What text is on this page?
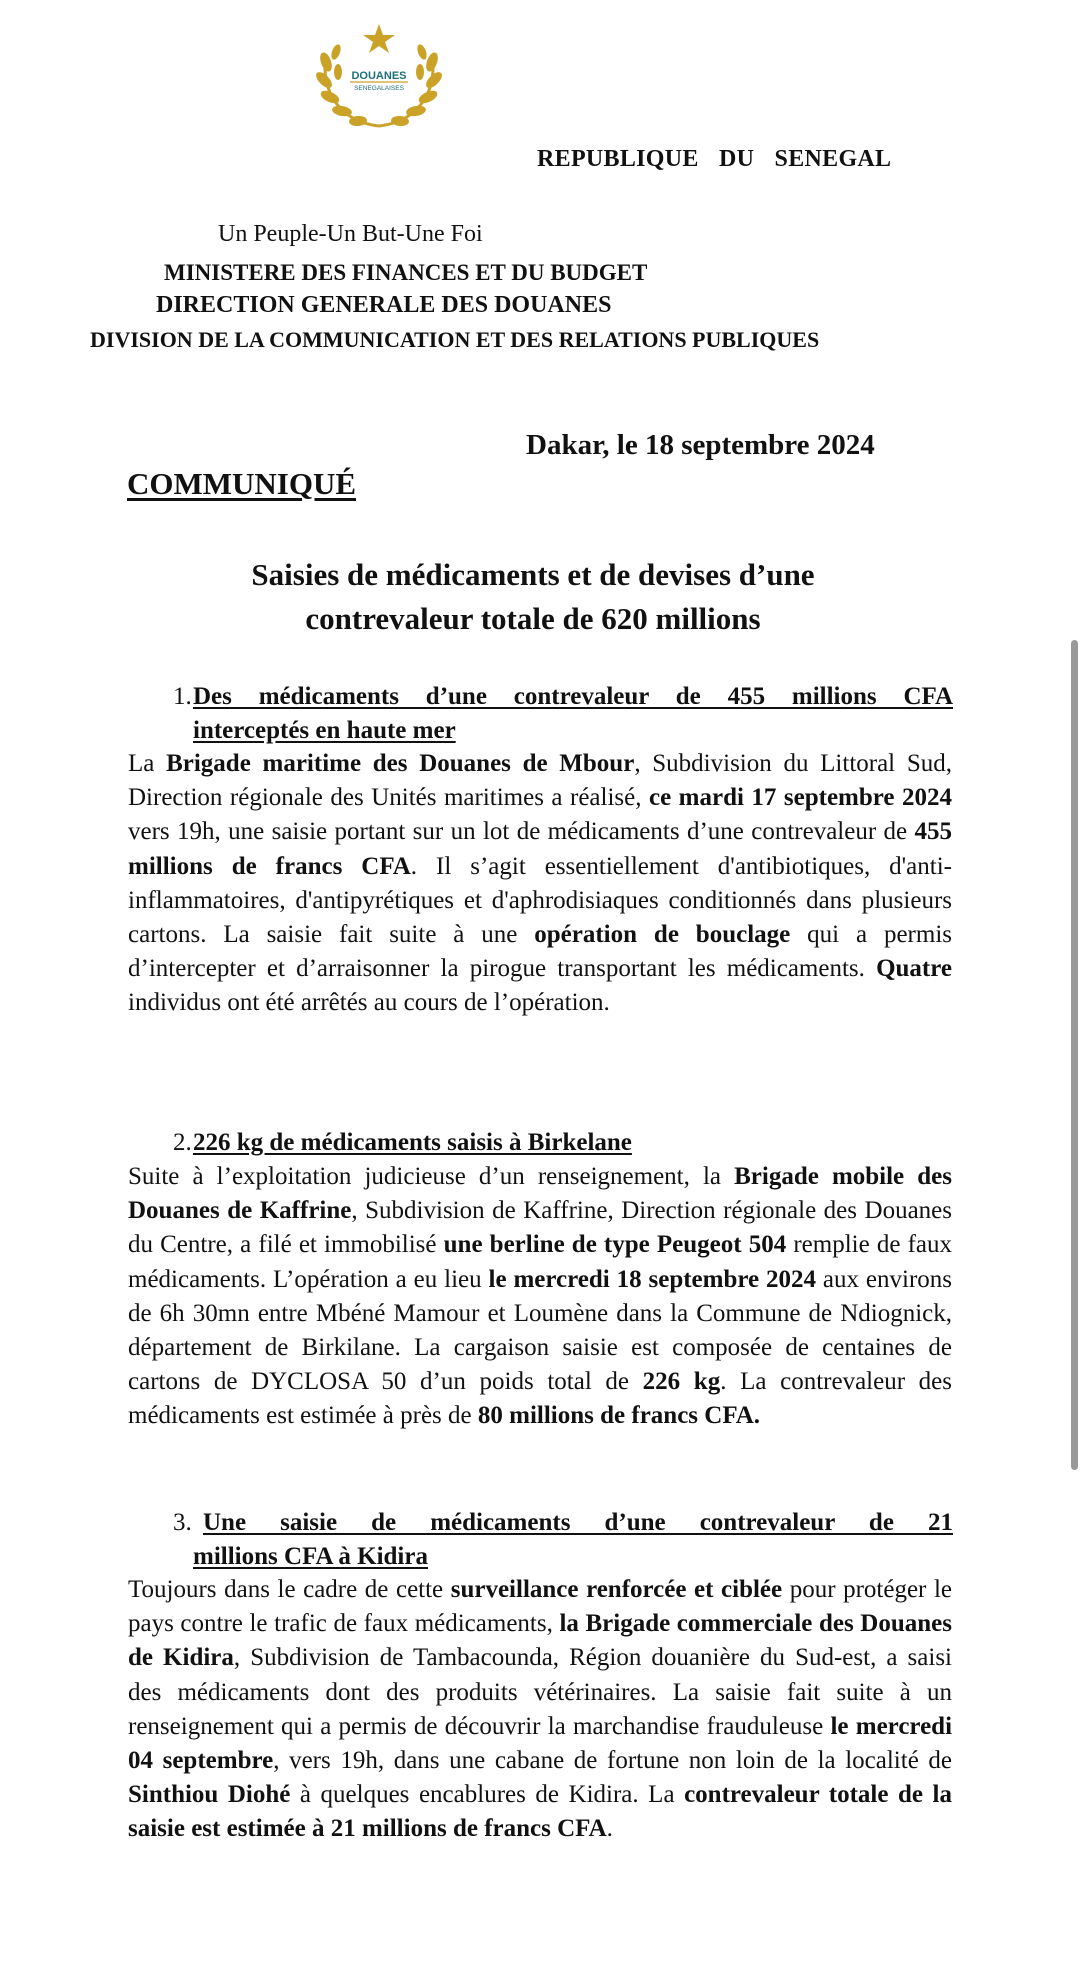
DOUANES
SENEGALAISES
REPUBLIQUE DU SENEGAL
Un Peuple-Un But-Une Foi
MINISTERE DES FINANCES ET DU BUDGET
DIRECTION GENERALE DES DOUANES
DIVISION DE LA COMMUNICATION ET DES RELATIONS PUBLIQUES
Dakar, le 18 septembre 2024
COMMUNIQUÉ
Saisies de médicaments et de devises d’une
contrevaleur totale de 620 millions
1. Des médicaments d’une contrevaleur de 455 millions CFA
interceptés en haute mer

La Brigade maritime des Douanes de Mbour, Subdivision du Littoral Sud, Direction régionale des Unités maritimes a réalisé, ce mardi 17 septembre 2024 vers 19h, une saisie portant sur un lot de médicaments d’une contrevaleur de 455 millions de francs CFA. Il s’agit essentiellement d'antibiotiques, d'anti-inflammatoires, d'antipyrétiques et d'aphrodisiaques conditionnés dans plusieurs cartons. La saisie fait suite à une opération de bouclage qui a permis d’intercepter et d’arraisonner la pirogue transportant les médicaments. Quatre individus ont été arrêtés au cours de l’opération.

2. 226 kg de médicaments saisis à Birkelane

Suite à l’exploitation judicieuse d’un renseignement, la Brigade mobile des Douanes de Kaffrine, Subdivision de Kaffrine, Direction régionale des Douanes du Centre, a filé et immobilisé une berline de type Peugeot 504 remplie de faux médicaments. L’opération a eu lieu le mercredi 18 septembre 2024 aux environs de 6h 30mn entre Mbéné Mamour et Loumène dans la Commune de Ndiognick, département de Birkilane. La cargaison saisie est composée de centaines de cartons de DYCLOSA 50 d’un poids total de 226 kg. La contrevaleur des médicaments est estimée à près de 80 millions de francs CFA.

3. Une saisie de médicaments d’une contrevaleur de 21
millions CFA à Kidira

Toujours dans le cadre de cette surveillance renforcée et ciblée pour protéger le pays contre le trafic de faux médicaments, la Brigade commerciale des Douanes de Kidira, Subdivision de Tambacounda, Région douanière du Sud-est, a saisi des médicaments dont des produits vétérinaires. La saisie fait suite à un renseignement qui a permis de découvrir la marchandise frauduleuse le mercredi 04 septembre, vers 19h, dans une cabane de fortune non loin de la localité de Sinthiou Diohé à quelques encablures de Kidira. La contrevaleur totale de la saisie est estimée à 21 millions de francs CFA.
